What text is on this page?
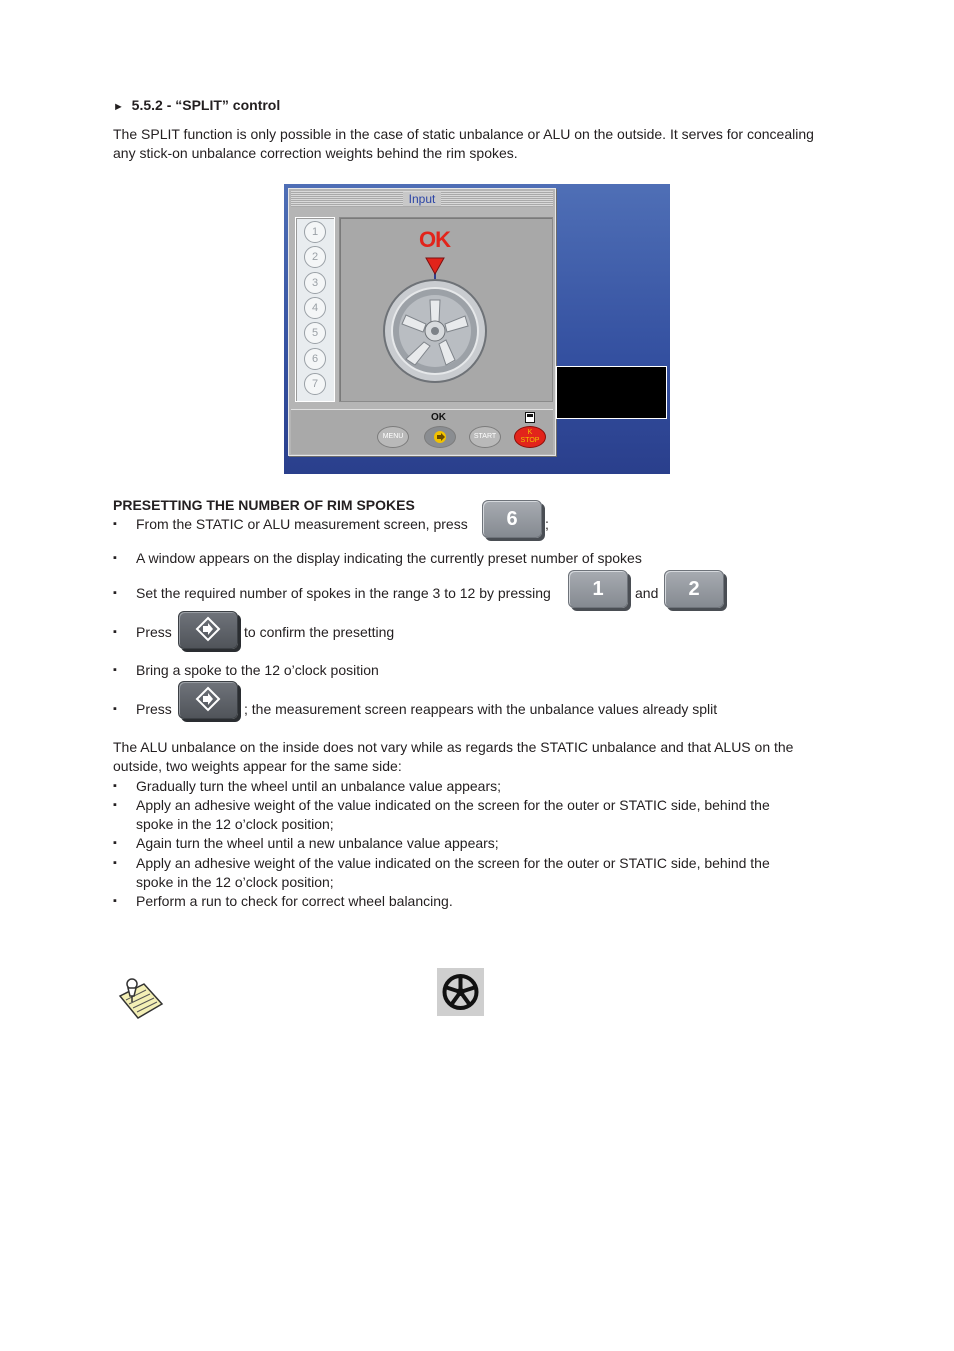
► 5.5.2 - “SPLIT” control
The SPLIT function is only possible in the case of static unbalance or ALU on the outside. It serves for concealing
any stick-on unbalance correction weights behind the rim spokes.
Input
1
2
3
4
5
6
7
OK
OK
MENU	START
K
STOP
PRESETTING THE NUMBER OF RIM SPOKES
▪ From the STATIC or ALU measurement screen, press	6	;
▪ A window appears on the display indicating the currently preset number of spokes
▪ Set the required number of spokes in the range 3 to 12 by pressing	1	and	2
▪ Press	to confirm the presetting
▪ Bring a spoke to the 12 o’clock position
▪ Press	; the measurement screen reappears with the unbalance values already split
The ALU unbalance on the inside does not vary while as regards the STATIC unbalance and that ALUS on the
outside, two weights appear for the same side:
▪ Gradually turn the wheel until an unbalance value appears;
▪ Apply an adhesive weight of the value indicated on the screen for the outer or STATIC side, behind the
spoke in the 12 o’clock position;
▪ Again turn the wheel until a new unbalance value appears;
▪ Apply an adhesive weight of the value indicated on the screen for the outer or STATIC side, behind the
spoke in the 12 o’clock position;
▪ Perform a run to check for correct wheel balancing.
